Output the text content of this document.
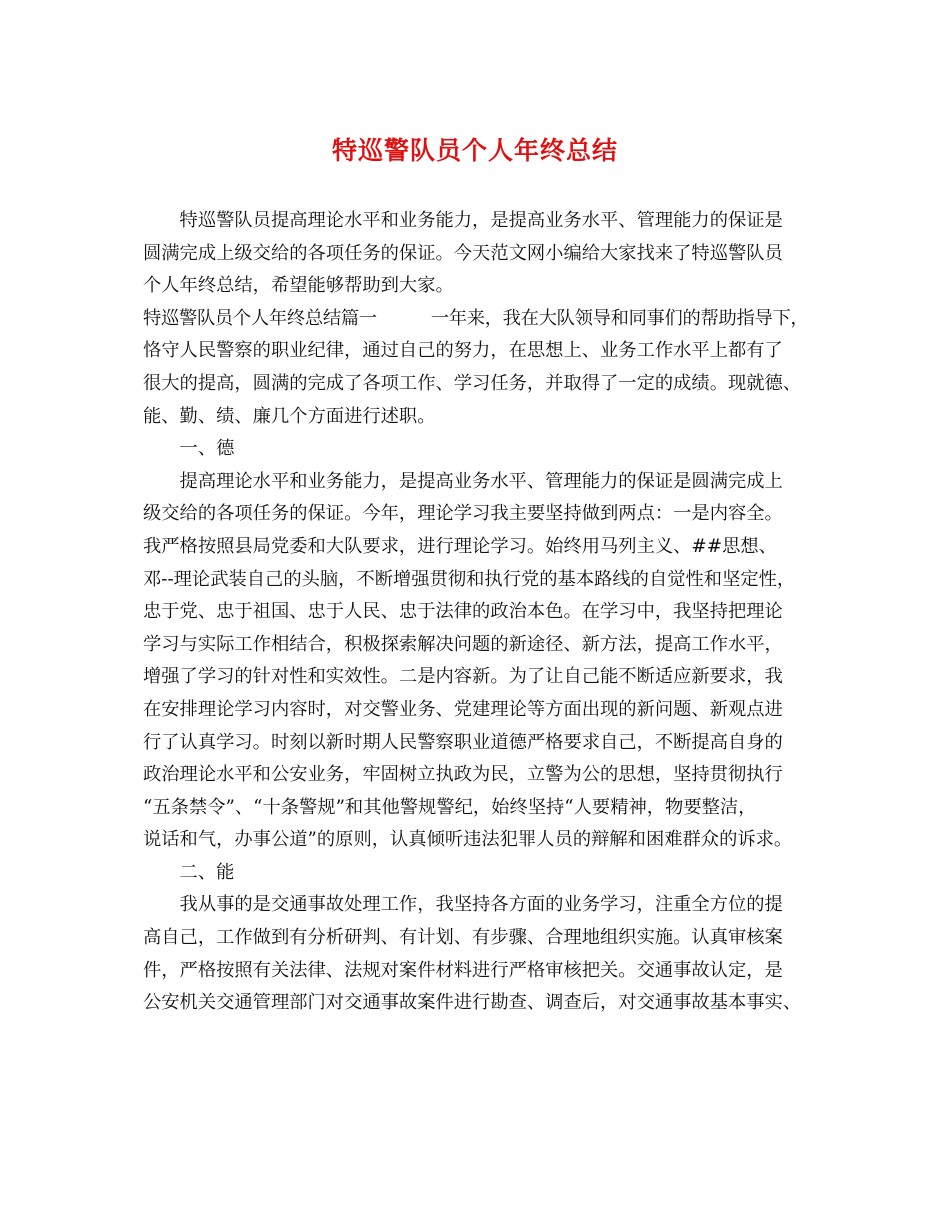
特巡警队员个人年终总结
　　特巡警队员提高理论水平和业务能力，是提高业务水平、管理能力的保证是
圆满完成上级交给的各项任务的保证。今天范文网小编给大家找来了特巡警队员
个人年终总结，希望能够帮助到大家。
特巡警队员个人年终总结篇一　　　一年来，我在大队领导和同事们的帮助指导下，
恪守人民警察的职业纪律，通过自己的努力，在思想上、业务工作水平上都有了
很大的提高，圆满的完成了各项工作、学习任务，并取得了一定的成绩。现就德、
能、勤、绩、廉几个方面进行述职。
　　一、德
　　提高理论水平和业务能力，是提高业务水平、管理能力的保证是圆满完成上
级交给的各项任务的保证。今年，理论学习我主要坚持做到两点：一是内容全。
我严格按照县局党委和大队要求，进行理论学习。始终用马列主义、##思想、
邓--理论武装自己的头脑，不断增强贯彻和执行党的基本路线的自觉性和坚定性，
忠于党、忠于祖国、忠于人民、忠于法律的政治本色。在学习中，我坚持把理论
学习与实际工作相结合，积极探索解决问题的新途径、新方法，提高工作水平，
增强了学习的针对性和实效性。二是内容新。为了让自己能不断适应新要求，我
在安排理论学习内容时，对交警业务、党建理论等方面出现的新问题、新观点进
行了认真学习。时刻以新时期人民警察职业道德严格要求自己，不断提高自身的
政治理论水平和公安业务，牢固树立执政为民，立警为公的思想，坚持贯彻执行
“五条禁令”、“十条警规”和其他警规警纪，始终坚持“人要精神，物要整洁，
说话和气，办事公道”的原则，认真倾听违法犯罪人员的辩解和困难群众的诉求。
　　二、能
　　我从事的是交通事故处理工作，我坚持各方面的业务学习，注重全方位的提
高自己，工作做到有分析研判、有计划、有步骤、合理地组织实施。认真审核案
件，严格按照有关法律、法规对案件材料进行严格审核把关。交通事故认定，是
公安机关交通管理部门对交通事故案件进行勘查、调查后，对交通事故基本事实、
